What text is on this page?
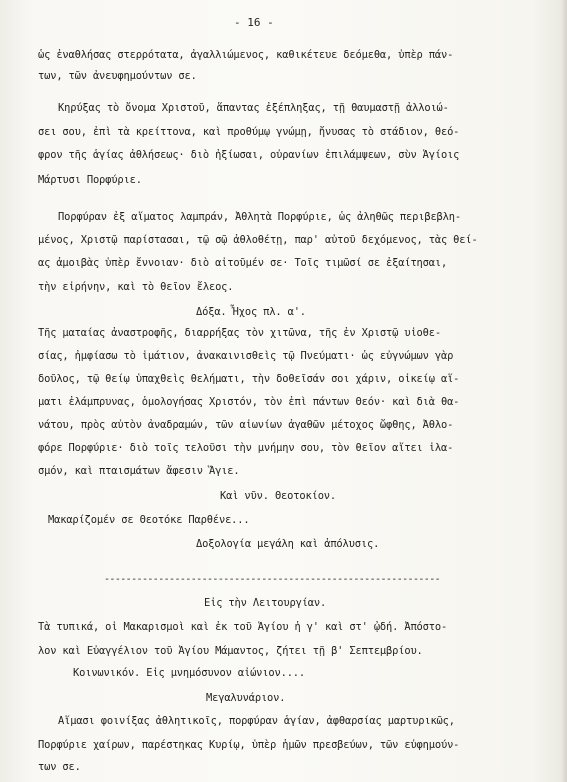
- 16 -
ὡς ἐναθλήσας στερρότατα, ἀγαλλιώμενος, καθικέτευε δεόμεθα, ὑπὲρ πάν-
των, τῶν ἀνευφημούντων σε.
Κηρύξας τὸ ὄνομα Χριστοῦ, ἅπαντας ἐξέπληξας, τῇ θαυμαστῇ ἀλλοιώ-
σει σου, ἐπὶ τὰ κρείττονα, καὶ προθύμῳ γνώμῃ, ἤνυσας τὸ στάδιον, θεό-
φρον τῆς ἁγίας ἀθλήσεως· διὸ ἠξίωσαι, οὐρανίων ἐπιλάμψεων, σὺν Ἁγίοις
Μάρτυσι Πορφύριε.
Πορφύραν ἐξ αἵματος λαμπράν, Ἀθλητὰ Πορφύριε, ὡς ἀληθῶς περιβεβλη-
μένος, Χριστῷ παρίστασαι, τῷ σῷ ἀθλοθέτῃ, παρ' αὐτοῦ δεχόμενος, τὰς θεί-
ας ἀμοιβὰς ὑπὲρ ἔννοιαν· διὸ αἰτοῦμέν σε· Τοῖς τιμῶσί σε ἐξαίτησαι,
τὴν εἰρήνην, καὶ τὸ θεῖον ἔλεος.
Δόξα. Ἦχος πλ. α'.
Τῆς ματαίας ἀναστροφῆς, διαρρήξας τὸν χιτῶνα, τῆς ἐν Χριστῷ υἱοθε-
σίας, ἠμφίασω τὸ ἱμάτιον, ἀνακαινισθεὶς τῷ Πνεύματι· ὡς εὐγνώμων γὰρ
δοῦλος, τῷ θείῳ ὑπαχθεὶς θελήματι, τὴν δοθεῖσάν σοι χάριν, οἰκείῳ αἵ-
ματι ἐλάμπρυνας, ὁμολογήσας Χριστόν, τὸν ἐπὶ πάντων Θεόν· καὶ διὰ θα-
νάτου, πρὸς αὐτὸν ἀναδραμών, τῶν αἰωνίων ἀγαθῶν μέτοχος ὤφθης, Ἀθλο-
φόρε Πορφύριε· διὸ τοῖς τελοῦσι τὴν μνήμην σου, τὸν θεῖον αἴτει ἱλα-
σμόν, καὶ πταισμάτων ἄφεσιν Ἅγιε.
Καὶ νῦν. Θεοτοκίον.
Μακαρίζομέν σε Θεοτόκε Παρθένε...
Δοξολογία μεγάλη καὶ ἀπόλυσις.
--------------------------------------------------------------
Εἰς τὴν Λειτουργίαν.
Τὰ τυπικά, οἱ Μακαρισμοὶ καὶ ἐκ τοῦ Ἁγίου ἡ γ' καὶ στ' ᾠδή. Ἀπόστο-
λον καὶ Εὐαγγέλιον τοῦ Ἁγίου Μάμαντος, ζήτει τῇ β' Σεπτεμβρίου.
Κοινωνικόν. Εἰς μνημόσυνον αἰώνιον....
Μεγαλυνάριον.
Αἵμασι φοινίξας ἀθλητικοῖς, πορφύραν ἁγίαν, ἀφθαρσίας μαρτυρικῶς,
Πορφύριε χαίρων, παρέστηκας Κυρίῳ, ὑπὲρ ἡμῶν πρεσβεύων, τῶν εὐφημούν-
των σε.
